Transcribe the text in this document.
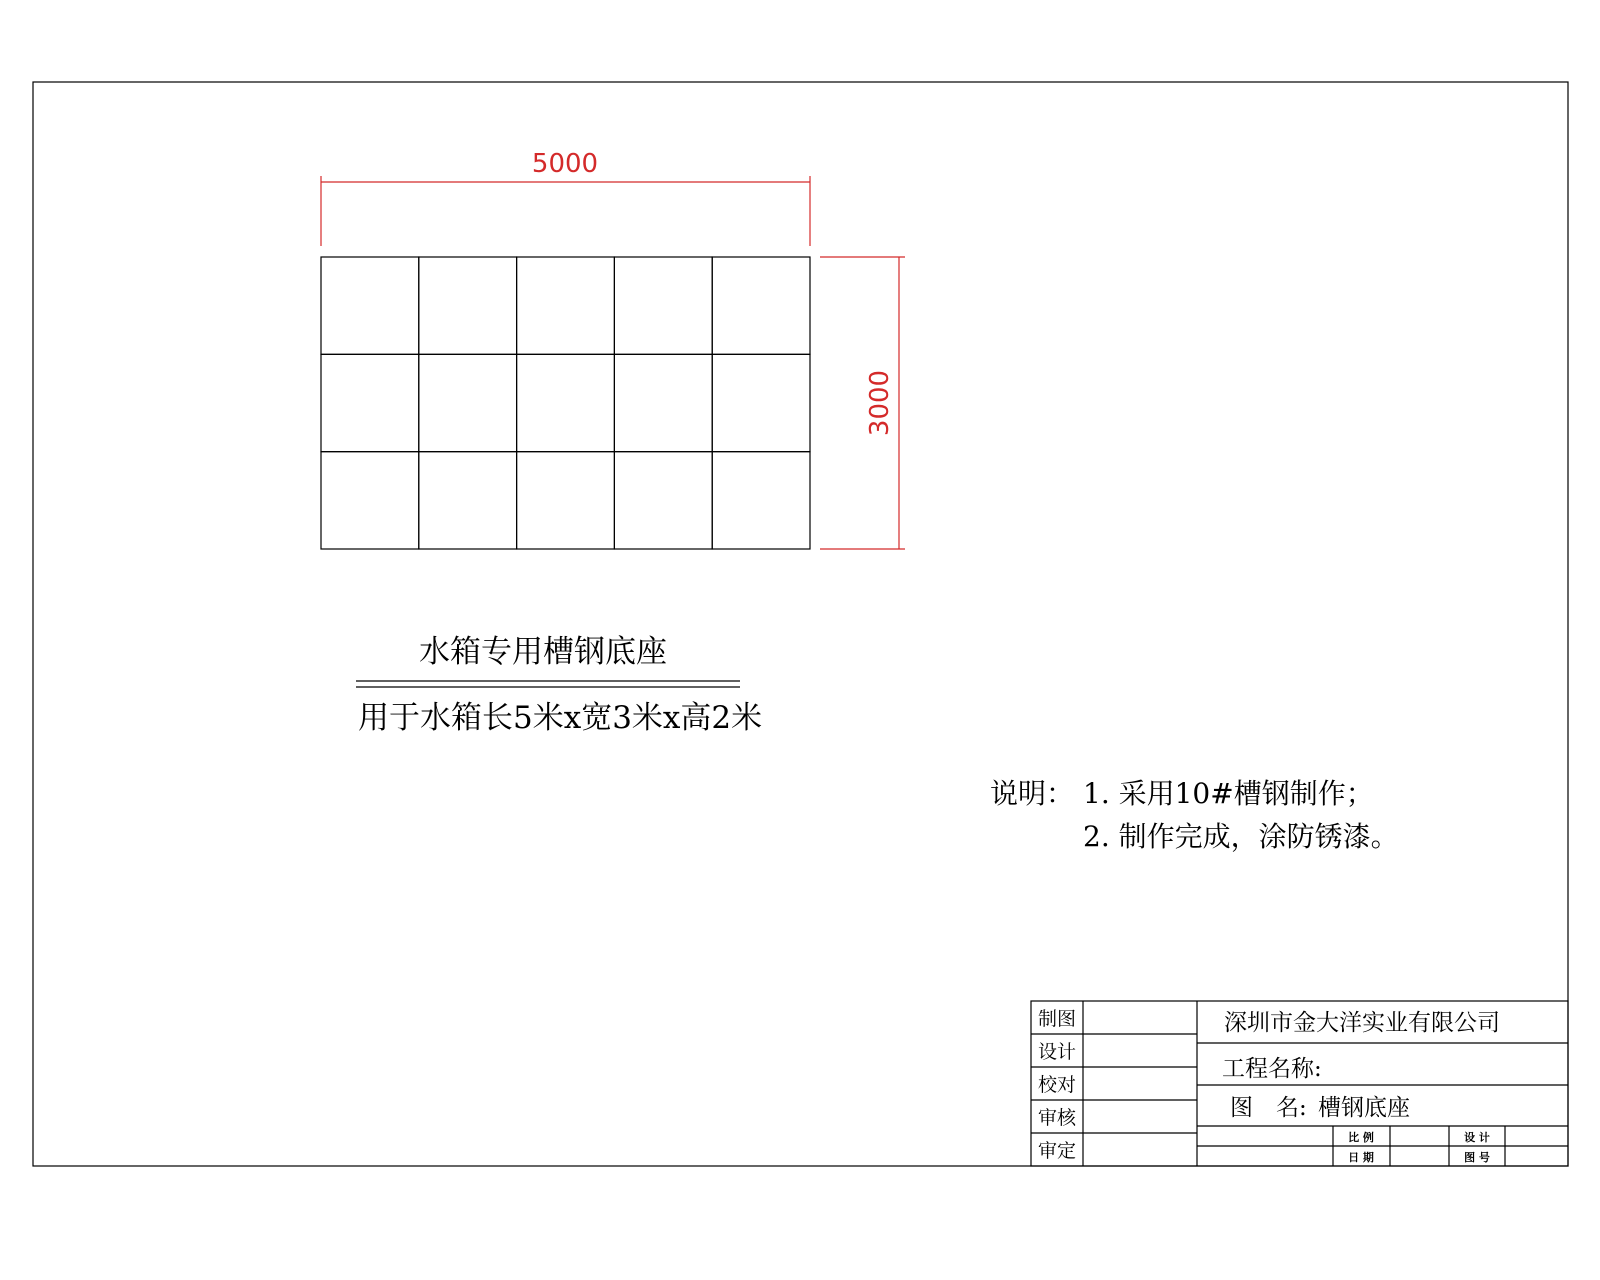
5000
3000
水箱专用槽钢底座
用于水箱长5米x宽3米x高2米
说明： 1. 采用10#槽钢制作；
2. 制作完成，涂防锈漆。
制图
设计
校对
审核
审定
深圳市金大洋实业有限公司
工程名称:
图　名: 槽钢底座
比 例
日 期
设 计
图 号
